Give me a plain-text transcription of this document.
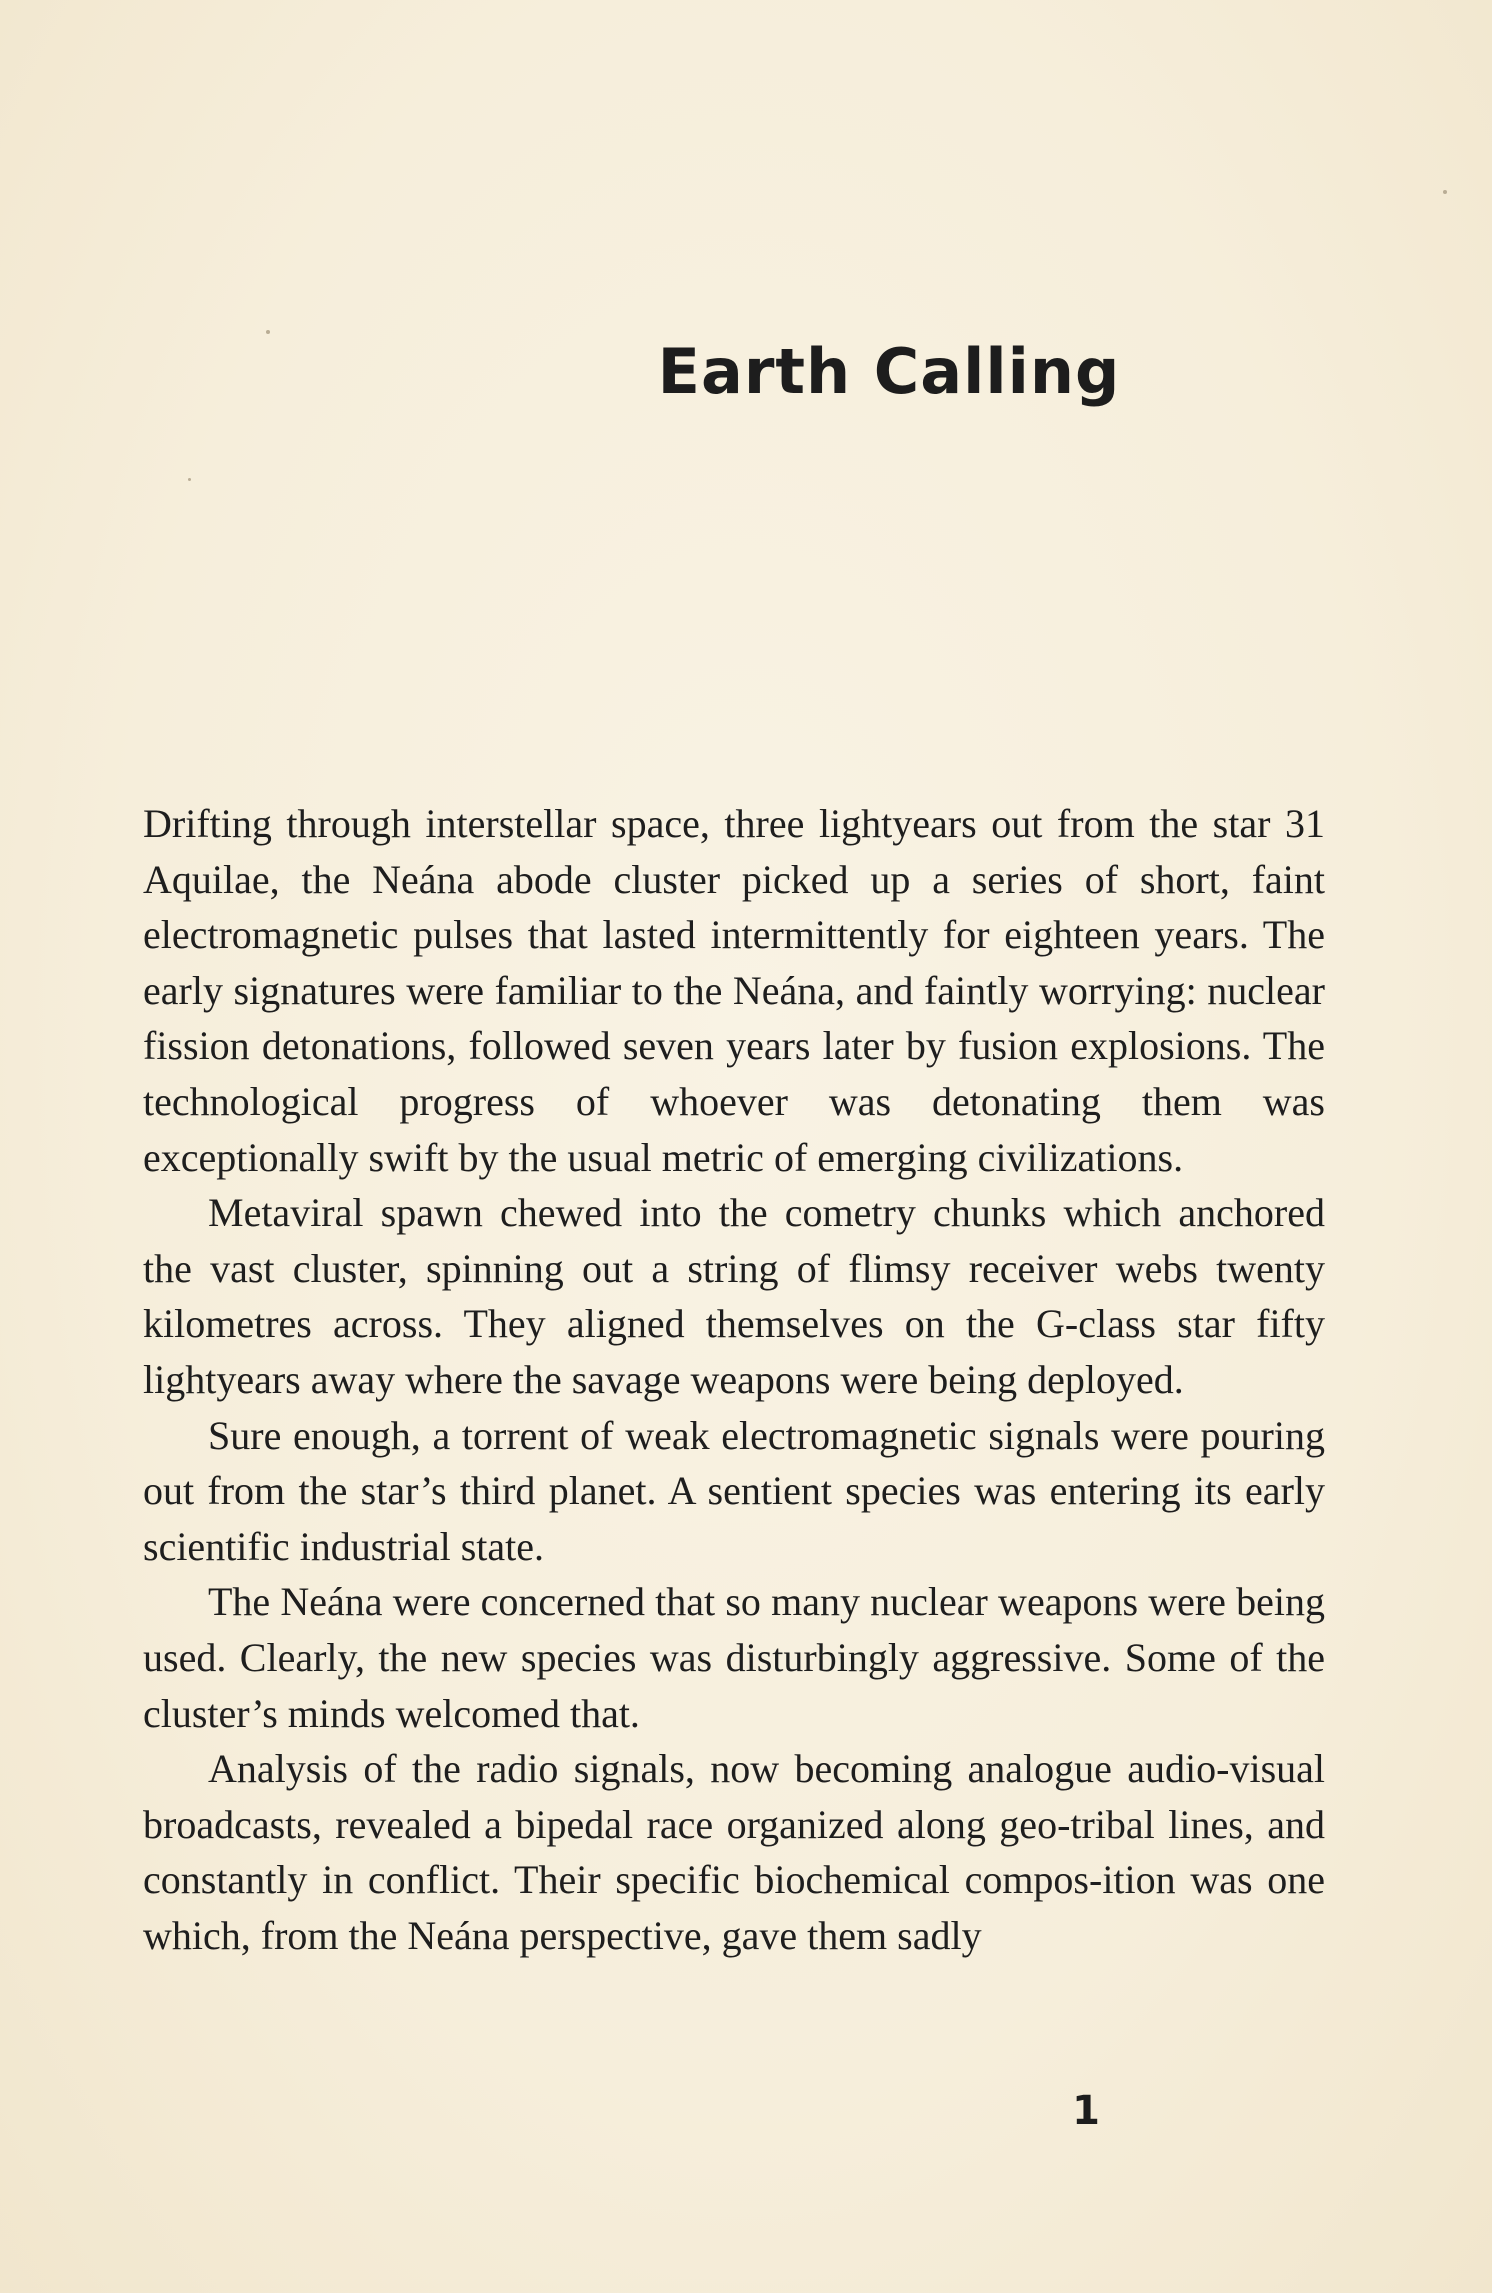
Earth Calling

Drifting through interstellar space, three lightyears out from the star 31 Aquilae, the Neána abode cluster picked up a series of short, faint electromagnetic pulses that lasted intermittently for eighteen years. The early signatures were familiar to the Neána, and faintly worrying: nuclear fission detonations, followed seven years later by fusion explosions. The technological progress of whoever was detonating them was exceptionally swift by the usual metric of emerging civilizations.

Metaviral spawn chewed into the cometry chunks which anchored the vast cluster, spinning out a string of flimsy receiver webs twenty kilometres across. They aligned themselves on the G-class star fifty lightyears away where the savage weapons were being deployed.

Sure enough, a torrent of weak electromagnetic signals were pouring out from the star’s third planet. A sentient species was entering its early scientific industrial state.

The Neána were concerned that so many nuclear weapons were being used. Clearly, the new species was disturbingly aggressive. Some of the cluster’s minds welcomed that.

Analysis of the radio signals, now becoming analogue audio-visual broadcasts, revealed a bipedal race organized along geo-tribal lines, and constantly in conflict. Their specific biochemical compos-ition was one which, from the Neána perspective, gave them sadly

1
